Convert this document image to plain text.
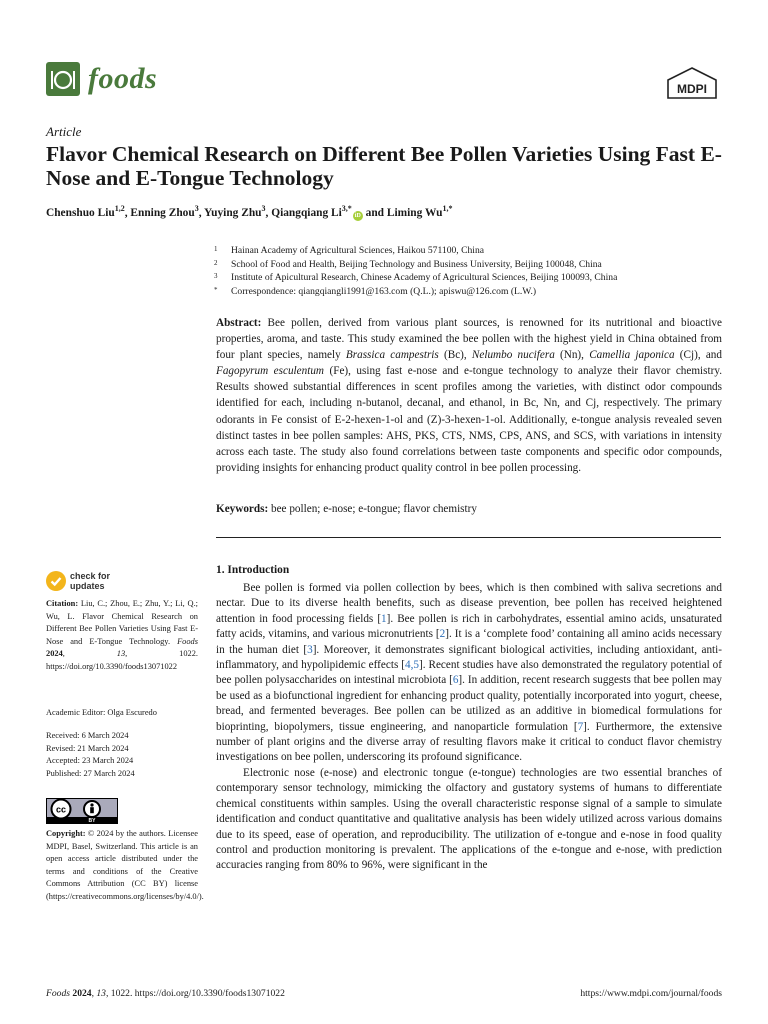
foods	MDPI
Article
Flavor Chemical Research on Different Bee Pollen Varieties Using Fast E-Nose and E-Tongue Technology
Chenshuo Liu$^{1,2}$, Enning Zhou$^3$, Yuying Zhu$^3$, Qiangqiang $Li^{3,*}iD$ and Liming $Wu^{1,*}$
1	Hainan Academy of Agricultural Sciences, Haikou 571100, China
2	School of Food and Health, Beijing Technology and Business University, Beijing 100048, China
3	Institute of Apicultural Research, Chinese Academy of Agricultural Sciences, Beijing 100093, China
*	Correspondence: qiangqiangli1991@163.com (Q.L.); apiswu@126.com (L.W.)
Abstract: Bee pollen, derived from various plant sources, is renowned for its nutritional and bioactive properties, aroma, and taste. This study examined the bee pollen with the highest yield in China obtained from four plant species, namely Brassica campestris (Bc), Nelumbo nucifera (Nn), Camellia japonica (Cj), and Fagopyrum esculentum (Fe), using fast e-nose and e-tongue technology to analyze their flavor chemistry. Results showed substantial differences in scent profiles among the varieties, with distinct odor compounds identified for each, including n-butanol, decanal, and ethanol, in Bc, Nn, and Cj, respectively. The primary odorants in Fe consist of E-2-hexen-1-ol and (Z)-3-hexen-1-ol. Additionally, e-tongue analysis revealed seven distinct tastes in bee pollen samples: AHS, PKS, CTS, NMS, CPS, ANS, and SCS, with variations in intensity across each taste. The study also found correlations between taste components and specific odor compounds, providing insights for enhancing product quality control in bee pollen processing.
Keywords: bee pollen; e-nose; e-tongue; flavor chemistry
check for
updates
Citation: Liu, C.; Zhou, E.; Zhu, Y.; Li, Q.; Wu, L. Flavor Chemical Research on Different Bee Pollen Varieties Using Fast E-Nose and E-Tongue Technology. Foods 2024, 13, 1022. https://doi.org/10.3390/foods13071022
Academic Editor: Olga Escuredo
Received: 6 March 2024
Revised: 21 March 2024
Accepted: 23 March 2024
Published: 27 March 2024
cc
BY
Copyright: © 2024 by the authors. Licensee MDPI, Basel, Switzerland. This article is an open access article distributed under the terms and conditions of the Creative Commons Attribution (CC BY) license (https://creativecommons.org/licenses/by/4.0/).
1. Introduction

Bee pollen is formed via pollen collection by bees, which is then combined with saliva secretions and nectar. Due to its diverse health benefits, such as disease prevention, bee pollen has received heightened attention in food processing fields [1]. Bee pollen is rich in carbohydrates, essential amino acids, unsaturated fatty acids, vitamins, and various micronutrients [2]. It is a ‘complete food’ containing all amino acids necessary in the human diet [3]. Moreover, it demonstrates significant biological activities, including antioxidant, anti-inflammatory, and hypolipidemic effects [4,5]. Recent studies have also demonstrated the regulatory potential of bee pollen polysaccharides on intestinal microbiota [6]. In addition, recent research suggests that bee pollen may be used as a biofunctional ingredient for enhancing product quality, potentially incorporated into yogurt, cheese, bread, and fermented beverages. Bee pollen can be utilized as an additive in biomedical formulations for bioprinting, biopolymers, tissue engineering, and nanoparticle formulation [7]. Furthermore, the extensive number of plant origins and the diverse array of resulting flavors make it critical to conduct flavor chemistry investigations on bee pollen, underscoring its profound significance.

Electronic nose (e-nose) and electronic tongue (e-tongue) technologies are two essential branches of contemporary sensor technology, mimicking the olfactory and gustatory systems of humans to differentiate chemical constituents within samples. Using the overall characteristic response signal of a sample to simulate identification and conduct quantitative and qualitative analysis has been widely utilized across various domains due to its speed, ease of operation, and reproducibility. The utilization of e-tongue and e-nose in food quality control and production monitoring is prevalent. The applications of the e-tongue and e-nose, with prediction accuracies ranging from 80% to 96%, were significant in the

Foods 2024, 13, 1022. https://doi.org/10.3390/foods13071022	https://www.mdpi.com/journal/foods
